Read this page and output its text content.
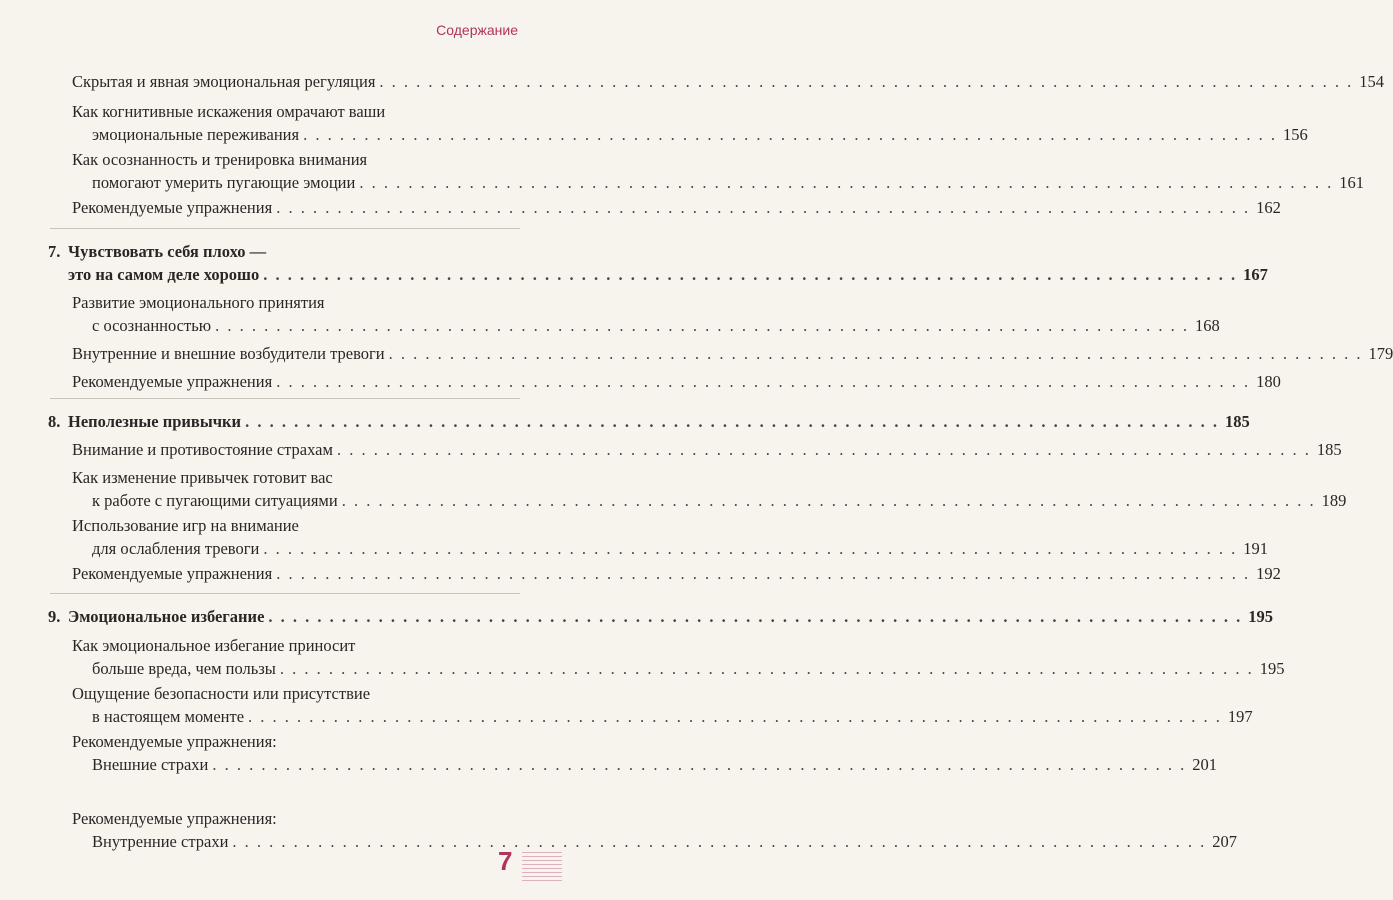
Содержание
Скрытая и явная эмоциональная регуляция . . . . . . . . . . . . . . . . . . . . . . . . . . . . . . . . . . . . . . . . . . . . . . . . . . . . . . . . . . . . . . . . . . . . . . . . . . . . . . . . 154
Как когнитивные искажения омрачают ваши
эмоциональные переживания . . . . . . . . . . . . . . . . . . . . . . . . . . . . . . . . . . . . . . . . . . . . . . . . . . . . . . . . . . . . . . . . . . . . . . . . . . . . . . . . 156
Как осознанность и тренировка внимания
помогают умерить пугающие эмоции . . . . . . . . . . . . . . . . . . . . . . . . . . . . . . . . . . . . . . . . . . . . . . . . . . . . . . . . . . . . . . . . . . . . . . . . . . . . . . . . 161
Рекомендуемые упражнения . . . . . . . . . . . . . . . . . . . . . . . . . . . . . . . . . . . . . . . . . . . . . . . . . . . . . . . . . . . . . . . . . . . . . . . . . . . . . . . . 162
7. Чувствовать себя плохо —
это на самом деле хорошо . . . . . . . . . . . . . . . . . . . . . . . . . . . . . . . . . . . . . . . . . . . . . . . . . . . . . . . . . . . . . . . . . . . . . . . . . . . . . . . . 167
Развитие эмоционального принятия
с осознанностью . . . . . . . . . . . . . . . . . . . . . . . . . . . . . . . . . . . . . . . . . . . . . . . . . . . . . . . . . . . . . . . . . . . . . . . . . . . . . . . . 168
Внутренние и внешние возбудители тревоги . . . . . . . . . . . . . . . . . . . . . . . . . . . . . . . . . . . . . . . . . . . . . . . . . . . . . . . . . . . . . . . . . . . . . . . . . . . . . . . . 179
Рекомендуемые упражнения . . . . . . . . . . . . . . . . . . . . . . . . . . . . . . . . . . . . . . . . . . . . . . . . . . . . . . . . . . . . . . . . . . . . . . . . . . . . . . . . 180
8. Неполезные привычки . . . . . . . . . . . . . . . . . . . . . . . . . . . . . . . . . . . . . . . . . . . . . . . . . . . . . . . . . . . . . . . . . . . . . . . . . . . . . . . . 185
Внимание и противостояние страхам . . . . . . . . . . . . . . . . . . . . . . . . . . . . . . . . . . . . . . . . . . . . . . . . . . . . . . . . . . . . . . . . . . . . . . . . . . . . . . . . 185
Как изменение привычек готовит вас
к работе с пугающими ситуациями . . . . . . . . . . . . . . . . . . . . . . . . . . . . . . . . . . . . . . . . . . . . . . . . . . . . . . . . . . . . . . . . . . . . . . . . . . . . . . . . 189
Использование игр на внимание
для ослабления тревоги . . . . . . . . . . . . . . . . . . . . . . . . . . . . . . . . . . . . . . . . . . . . . . . . . . . . . . . . . . . . . . . . . . . . . . . . . . . . . . . . 191
Рекомендуемые упражнения . . . . . . . . . . . . . . . . . . . . . . . . . . . . . . . . . . . . . . . . . . . . . . . . . . . . . . . . . . . . . . . . . . . . . . . . . . . . . . . . 192
9. Эмоциональное избегание . . . . . . . . . . . . . . . . . . . . . . . . . . . . . . . . . . . . . . . . . . . . . . . . . . . . . . . . . . . . . . . . . . . . . . . . . . . . . . . . 195
Как эмоциональное избегание приносит
больше вреда, чем пользы . . . . . . . . . . . . . . . . . . . . . . . . . . . . . . . . . . . . . . . . . . . . . . . . . . . . . . . . . . . . . . . . . . . . . . . . . . . . . . . . 195
Ощущение безопасности или присутствие
в настоящем моменте . . . . . . . . . . . . . . . . . . . . . . . . . . . . . . . . . . . . . . . . . . . . . . . . . . . . . . . . . . . . . . . . . . . . . . . . . . . . . . . . 197
Рекомендуемые упражнения:
Внешние страхи . . . . . . . . . . . . . . . . . . . . . . . . . . . . . . . . . . . . . . . . . . . . . . . . . . . . . . . . . . . . . . . . . . . . . . . . . . . . . . . . 201
Рекомендуемые упражнения:
Внутренние страхи . . . . . . . . . . . . . . . . . . . . . . . . . . . . . . . . . . . . . . . . . . . . . . . . . . . . . . . . . . . . . . . . . . . . . . . . . . . . . . . . 207
7
